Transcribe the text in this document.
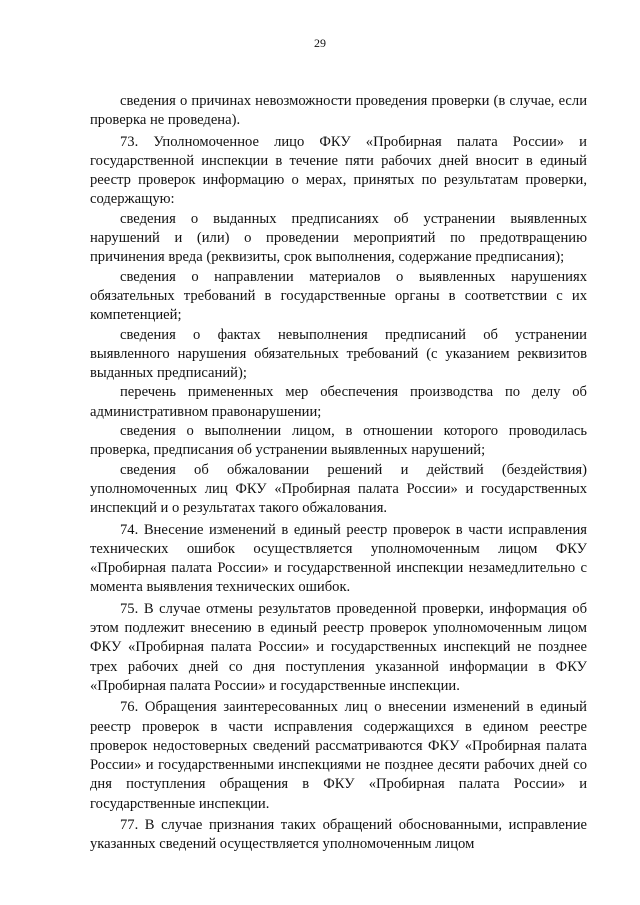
29

сведения о причинах невозможности проведения проверки (в случае, если проверка не проведена).

73. Уполномоченное лицо ФКУ «Пробирная палата России» и государственной инспекции в течение пяти рабочих дней вносит в единый реестр проверок информацию о мерах, принятых по результатам проверки, содержащую:

сведения о выданных предписаниях об устранении выявленных нарушений и (или) о проведении мероприятий по предотвращению причинения вреда (реквизиты, срок выполнения, содержание предписания);

сведения о направлении материалов о выявленных нарушениях обязательных требований в государственные органы в соответствии с их компетенцией;

сведения о фактах невыполнения предписаний об устранении выявленного нарушения обязательных требований (с указанием реквизитов выданных предписаний);

перечень примененных мер обеспечения производства по делу об административном правонарушении;

сведения о выполнении лицом, в отношении которого проводилась проверка, предписания об устранении выявленных нарушений;

сведения об обжаловании решений и действий (бездействия) уполномоченных лиц ФКУ «Пробирная палата России» и государственных инспекций и о результатах такого обжалования.

74. Внесение изменений в единый реестр проверок в части исправления технических ошибок осуществляется уполномоченным лицом ФКУ «Пробирная палата России» и государственной инспекции незамедлительно с момента выявления технических ошибок.

75. В случае отмены результатов проведенной проверки, информация об этом подлежит внесению в единый реестр проверок уполномоченным лицом ФКУ «Пробирная палата России» и государственных инспекций не позднее трех рабочих дней со дня поступления указанной информации в ФКУ «Пробирная палата России» и государственные инспекции.

76. Обращения заинтересованных лиц о внесении изменений в единый реестр проверок в части исправления содержащихся в едином реестре проверок недостоверных сведений рассматриваются ФКУ «Пробирная палата России» и государственными инспекциями не позднее десяти рабочих дней со дня поступления обращения в ФКУ «Пробирная палата России» и государственные инспекции.

77. В случае признания таких обращений обоснованными, исправление указанных сведений осуществляется уполномоченным лицом
